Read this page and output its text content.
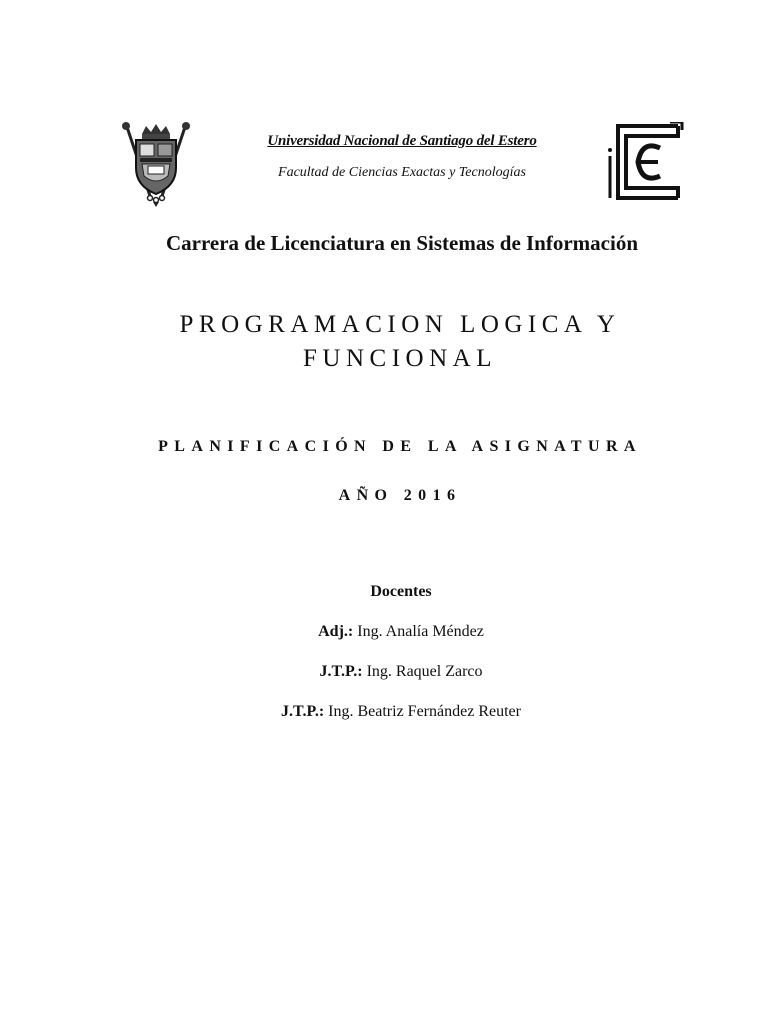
Universidad Nacional de Santiago del Estero

Facultad de Ciencias Exactas y Tecnologías

Carrera de Licenciatura en Sistemas de Información
PROGRAMACION LOGICA Y
FUNCIONAL
PLANIFICACIÓN DE LA ASIGNATURA
AÑO 2016
Docentes
Adj.: Ing. Analía Méndez
J.T.P.: Ing. Raquel Zarco
J.T.P.: Ing. Beatriz Fernández Reuter
